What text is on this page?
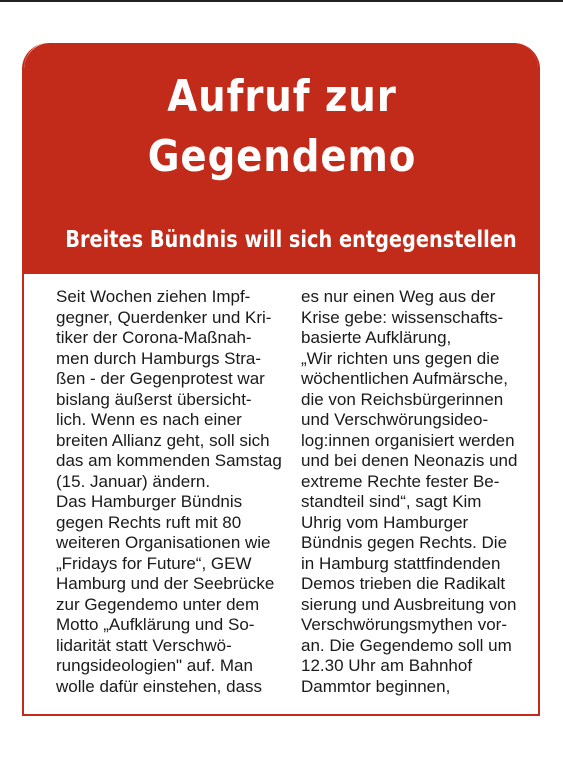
Aufruf zur
Gegendemo
Breites Bündnis will sich entgegenstellen
Seit Wochen ziehen Impf-
gegner, Querdenker und Kri-
tiker der Corona-Maßnah-
men durch Hamburgs Stra-
ßen - der Gegenprotest war
bislang äußerst übersicht-
lich. Wenn es nach einer
breiten Allianz geht, soll sich
das am kommenden Samstag
(15. Januar) ändern.
Das Hamburger Bündnis
gegen Rechts ruft mit 80
weiteren Organisationen wie
„Fridays for Future“, GEW
Hamburg und der Seebrücke
zur Gegendemo unter dem
Motto „Aufklärung und So-
lidarität statt Verschwö-
rungsideologien" auf. Man
wolle dafür einstehen, dass
es nur einen Weg aus der
Krise gebe: wissenschafts-
basierte Aufklärung,
„Wir richten uns gegen die
wöchentlichen Aufmärsche,
die von Reichsbürgerinnen
und Verschwörungsideo-
log:innen organisiert werden
und bei denen Neonazis und
extreme Rechte fester Be-
standteil sind“, sagt Kim
Uhrig vom Hamburger
Bündnis gegen Rechts. Die
in Hamburg stattfindenden
Demos trieben die Radikalt
sierung und Ausbreitung von
Verschwörungsmythen vor-
an. Die Gegendemo soll um
12.30 Uhr am Bahnhof
Dammtor beginnen,
